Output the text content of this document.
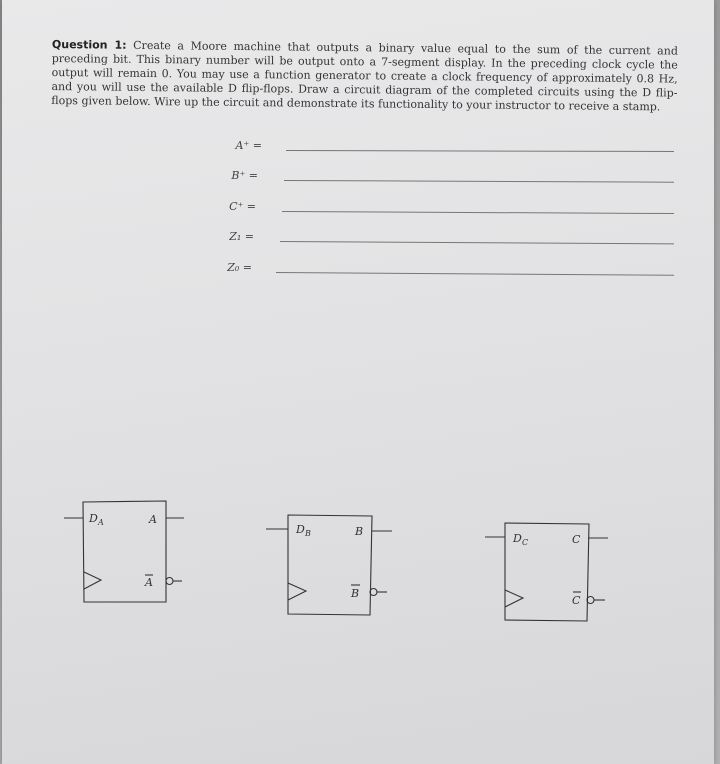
Question 1: Create a Moore machine that outputs a binary value equal to the sum of the current and preceding bit. This binary number will be output onto a 7-segment display. In the preceding clock cycle the output will remain 0. You may use a function generator to create a clock frequency of approximately 0.8 Hz, and you will use the available D flip-flops. Draw a circuit diagram of the completed circuits using the D flip-flops given below. Wire up the circuit and demonstrate its functionality to your instructor to receive a stamp.
A⁺ =
B⁺ =
C⁺ =
Z₁ =
Z₀ =
D A	A
A
D B	B
B
D C	C
C
